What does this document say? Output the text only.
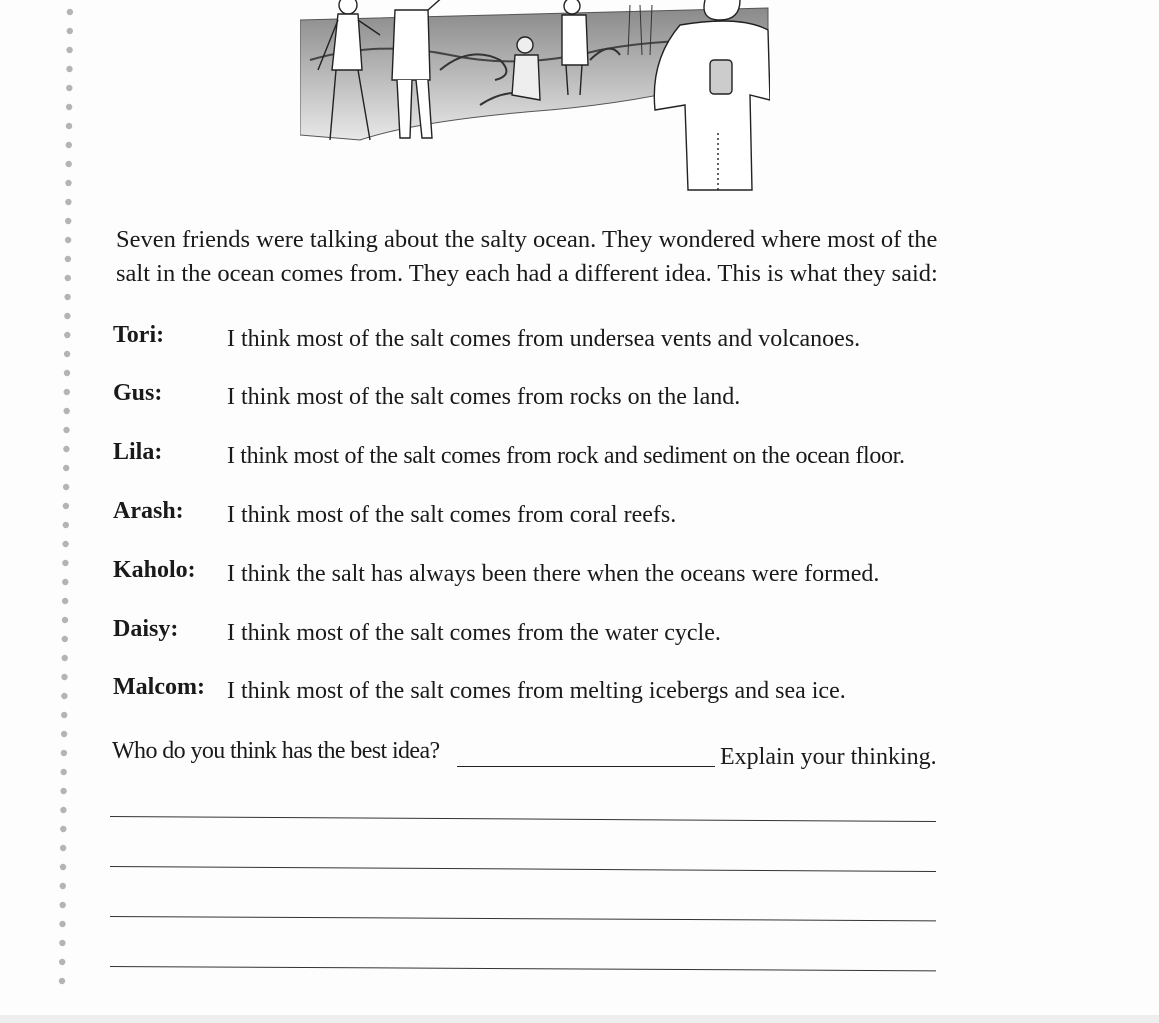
Seven friends were talking about the salty ocean. They wondered where most of the
salt in the ocean comes from. They each had a different idea. This is what they said:
Tori:	I think most of the salt comes from undersea vents and volcanoes.
Gus:	I think most of the salt comes from rocks on the land.
Lila:	I think most of the salt comes from rock and sediment on the ocean floor.
Arash: I think most of the salt comes from coral reefs.
Kaholo: I think the salt has always been there when the oceans were formed.
Daisy: I think most of the salt comes from the water cycle.
Malcom: I think most of the salt comes from melting icebergs and sea ice.
Who do you think has the best idea?	Explain your thinking.
